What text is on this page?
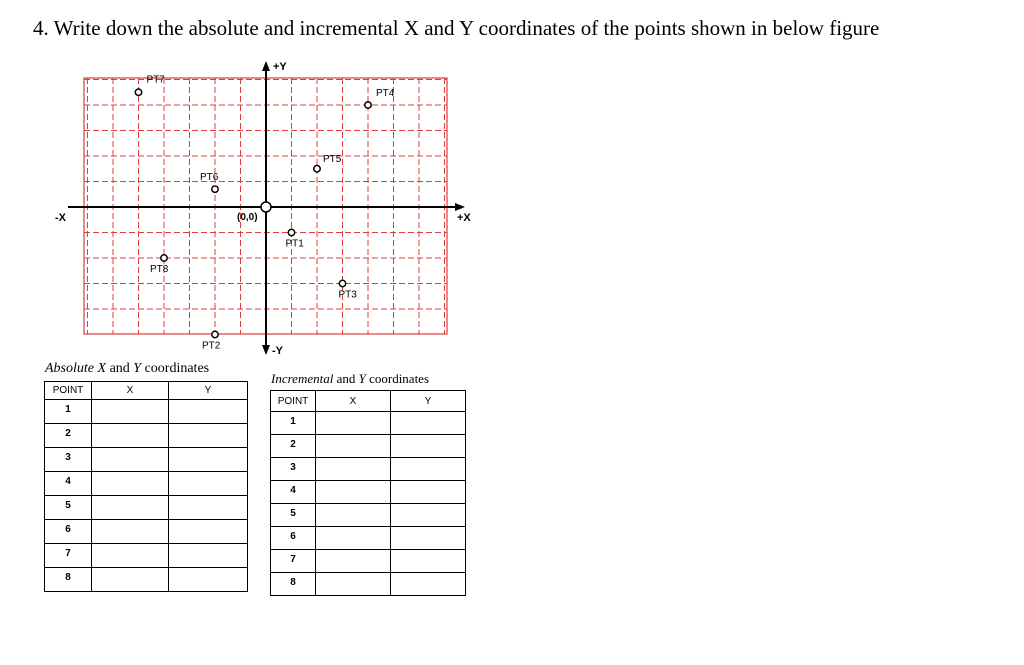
4. Write down the absolute and incremental X and Y coordinates of the points shown in below figure
+X
-X
+Y
-Y
(0,0)
PT1
PT2
PT3
PT4
PT5
PT6
PT7
PT8
Absolute X and Y coordinates
POINT	X	Y
1		
2		
3		
4		
5		
6		
7		
8		
Incremental and Y coordinates
POINT	X	Y
1		
2		
3		
4		
5		
6		
7		
8		
